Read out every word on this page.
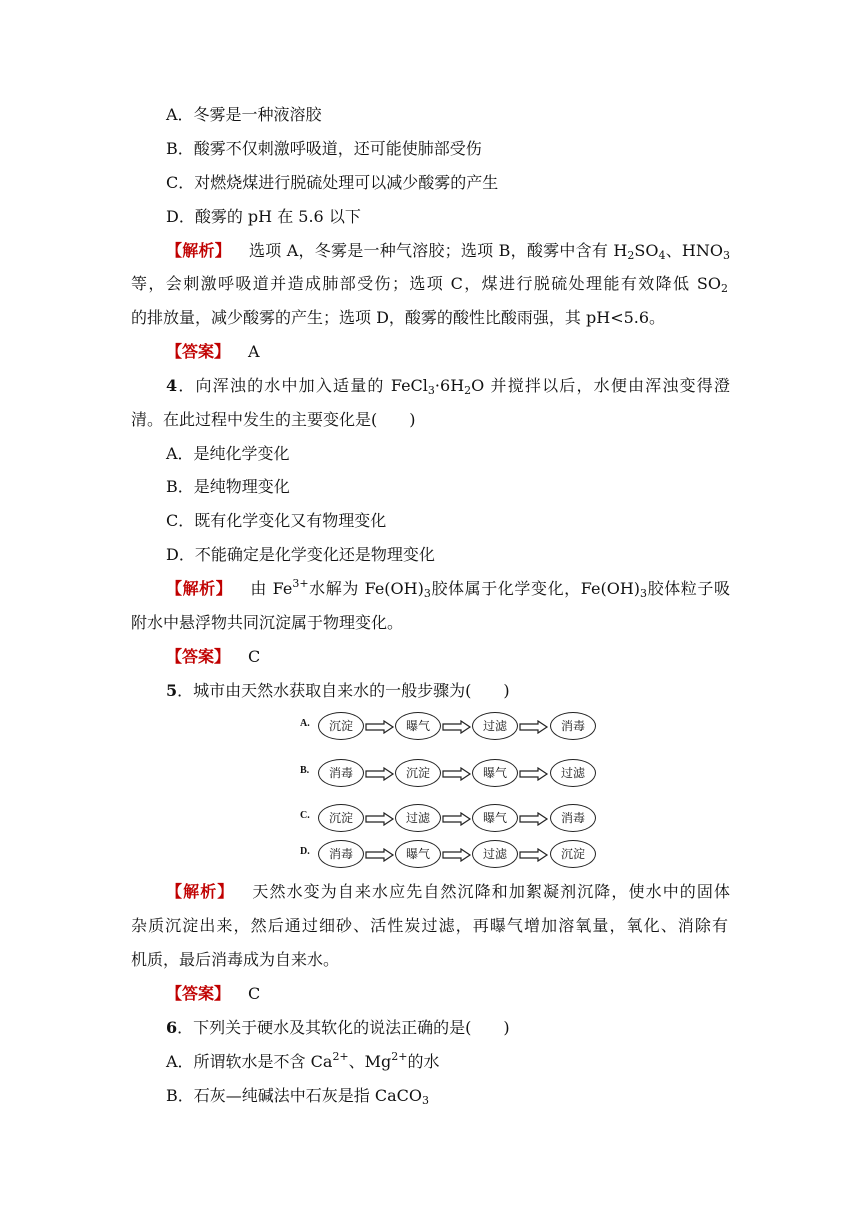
A．冬雾是一种液溶胶
B．酸雾不仅刺激呼吸道，还可能使肺部受伤
C．对燃烧煤进行脱硫处理可以减少酸雾的产生
D．酸雾的 pH 在 5.6 以下
【解析】 选项 A，冬雾是一种气溶胶；选项 B，酸雾中含有 $H_2SO_4$、$HNO_3$
等，会刺激呼吸道并造成肺部受伤；选项 C，煤进行脱硫处理能有效降低 $SO_2$
的排放量，减少酸雾的产生；选项 D，酸雾的酸性比酸雨强，其 pH<5.6。
【答案】 A
4．向浑浊的水中加入适量的 $FeCl_3\cdot 6H_2O$ 并搅拌以后，水便由浑浊变得澄
清。在此过程中发生的主要变化是(　　)
A．是纯化学变化
B．是纯物理变化
C．既有化学变化又有物理变化
D．不能确定是化学变化还是物理变化
【解析】 由 $Fe^{3+}$水解为 $Fe(OH)_3$胶体属于化学变化，$Fe(OH)_3$胶体粒子吸
附水中悬浮物共同沉淀属于物理变化。
【答案】 C
5．城市由天然水获取自来水的一般步骤为(　　)
A.	沉淀	曝气	过滤	消毒
B.	消毒	沉淀	曝气	过滤
C.	沉淀	过滤	曝气	消毒
D.	消毒	曝气	过滤	沉淀
【解析】 天然水变为自来水应先自然沉降和加絮凝剂沉降，使水中的固体
杂质沉淀出来，然后通过细砂、活性炭过滤，再曝气增加溶氧量，氧化、消除有
机质，最后消毒成为自来水。
【答案】 C
6．下列关于硬水及其软化的说法正确的是(　　)
A．所谓软水是不含 $Ca^{2+}$、$Mg^{2+}$的水
B．石灰—纯碱法中石灰是指 CaCO$_3$
